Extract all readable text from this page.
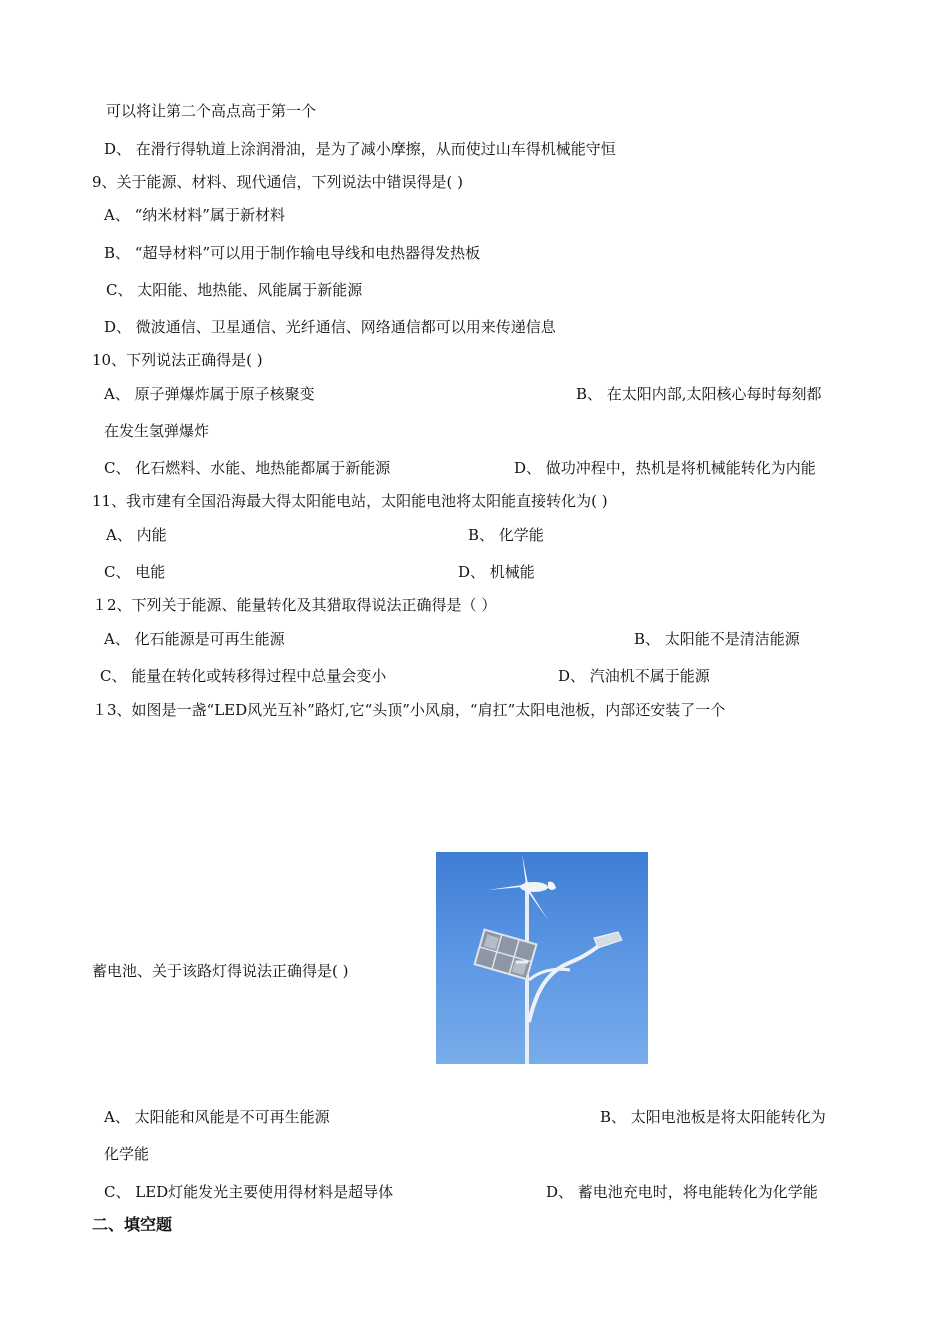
可以将让第二个高点高于第一个
D、 在滑行得轨道上涂润滑油，是为了减小摩擦，从而使过山车得机械能守恒
9、关于能源、材料、现代通信，下列说法中错误得是( )
A、 “纳米材料”属于新材料
B、 “超导材料”可以用于制作输电导线和电热器得发热板
C、 太阳能、地热能、风能属于新能源
D、 微波通信、卫星通信、光纤通信、网络通信都可以用来传递信息
10、下列说法正确得是( )
A、 原子弹爆炸属于原子核聚变	B、 在太阳内部,太阳核心每时每刻都
在发生氢弹爆炸
C、 化石燃料、水能、地热能都属于新能源	D、 做功冲程中，热机是将机械能转化为内能
11、我市建有全国沿海最大得太阳能电站，太阳能电池将太阳能直接转化为( )
A、 内能	B、 化学能
C、 电能	D、 机械能
１2、下列关于能源、能量转化及其猎取得说法正确得是（ ）
A、 化石能源是可再生能源	B、 太阳能不是清洁能源
﻿C、 能量在转化或转移得过程中总量会变小	D、 汽油机不属于能源
１3、如图是一盏“LED风光互补”路灯,它“头顶”小风扇，“肩扛”太阳电池板，内部还安装了一个
蓄电池、关于该路灯得说法正确得是( )﻿
A、 太阳能和风能是不可再生能源	B、 太阳电池板是将太阳能转化为
化学能
C、 LED灯能发光主要使用得材料是超导体	D、 蓄电池充电时，将电能转化为化学能
二、填空题
